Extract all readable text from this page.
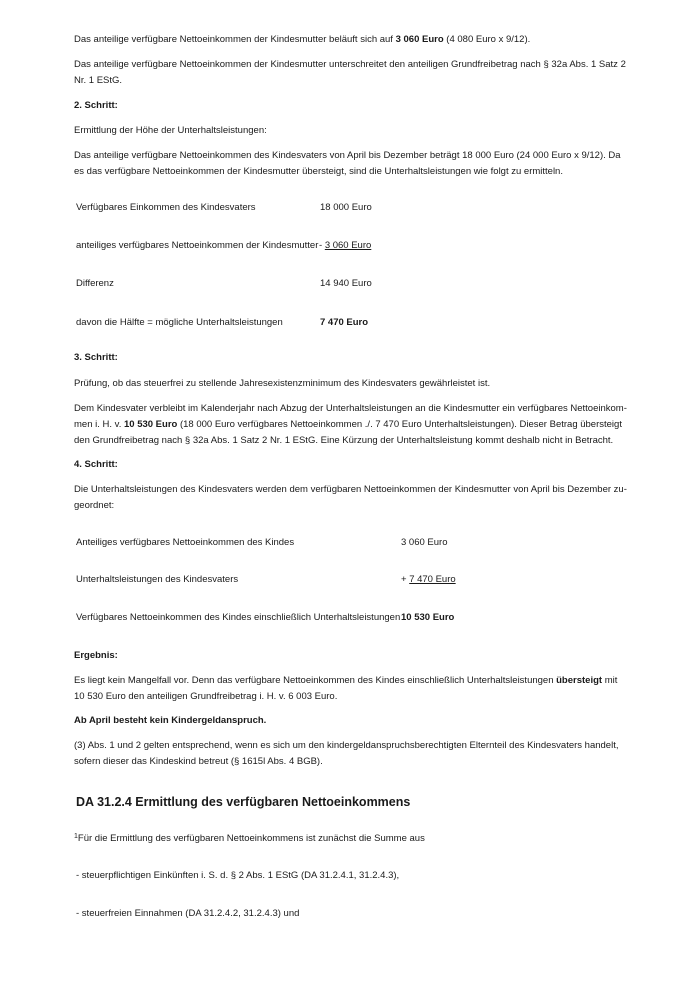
Das anteilige verfügbare Nettoeinkommen der Kindesmutter beläuft sich auf 3 060 Euro (4 080 Euro x 9/12).

Das anteilige verfügbare Nettoeinkommen der Kindesmutter unterschreitet den anteiligen Grundfreibetrag nach § 32a Abs. 1 Satz 2 Nr. 1 EStG.

2. Schritt:

Ermittlung der Höhe der Unterhaltsleistungen:

Das anteilige verfügbare Nettoeinkommen des Kindesvaters von April bis Dezember beträgt 18 000 Euro (24 000 Euro x 9/12). Da es das verfügbare Nettoeinkommen der Kindesmutter übersteigt, sind die Unterhaltsleistungen wie folgt zu ermitteln.

Verfügbares Einkommen des Kindesvaters	18 000 Euro
anteiliges verfügbares Nettoeinkommen der Kindesmutter - 3 060 Euro
Differenz	14 940 Euro
davon die Hälfte = mögliche Unterhaltsleistungen	7 470 Euro

3. Schritt:

Prüfung, ob das steuerfrei zu stellende Jahresexistenzminimum des Kindesvaters gewährleistet ist.

Dem Kindesvater verbleibt im Kalenderjahr nach Abzug der Unterhaltsleistungen an die Kindesmutter ein verfügbares Nettoeinkom-men i. H. v. 10 530 Euro (18 000 Euro verfügbares Nettoeinkommen ./. 7 470 Euro Unterhaltsleistungen). Dieser Betrag übersteigt den Grundfreibetrag nach § 32a Abs. 1 Satz 2 Nr. 1 EStG. Eine Kürzung der Unterhaltsleistung kommt deshalb nicht in Betracht.

4. Schritt:

Die Unterhaltsleistungen des Kindesvaters werden dem verfügbaren Nettoeinkommen der Kindesmutter von April bis Dezember zu-geordnet:

Anteiliges verfügbares Nettoeinkommen des Kindes	3 060 Euro
Unterhaltsleistungen des Kindesvaters	+ 7 470 Euro
Verfügbares Nettoeinkommen des Kindes einschließlich Unterhaltsleistungen 10 530 Euro

Ergebnis:

Es liegt kein Mangelfall vor. Denn das verfügbare Nettoeinkommen des Kindes einschließlich Unterhaltsleistungen übersteigt mit 10 530 Euro den anteiligen Grundfreibetrag i. H. v. 6 003 Euro.

Ab April besteht kein Kindergeldanspruch.

(3) Abs. 1 und 2 gelten entsprechend, wenn es sich um den kindergeldanspruchsberechtigten Elternteil des Kindesvaters handelt, sofern dieser das Kindeskind betreut (§ 1615l Abs. 4 BGB).

DA 31.2.4 Ermittlung des verfügbaren Nettoeinkommens

$^1$Für die Ermittlung des verfügbaren Nettoeinkommens ist zunächst die Summe aus

- steuerpflichtigen Einkünften i. S. d. § 2 Abs. 1 EStG (DA 31.2.4.1, 31.2.4.3),

- steuerfreien Einnahmen (DA 31.2.4.2, 31.2.4.3) und
